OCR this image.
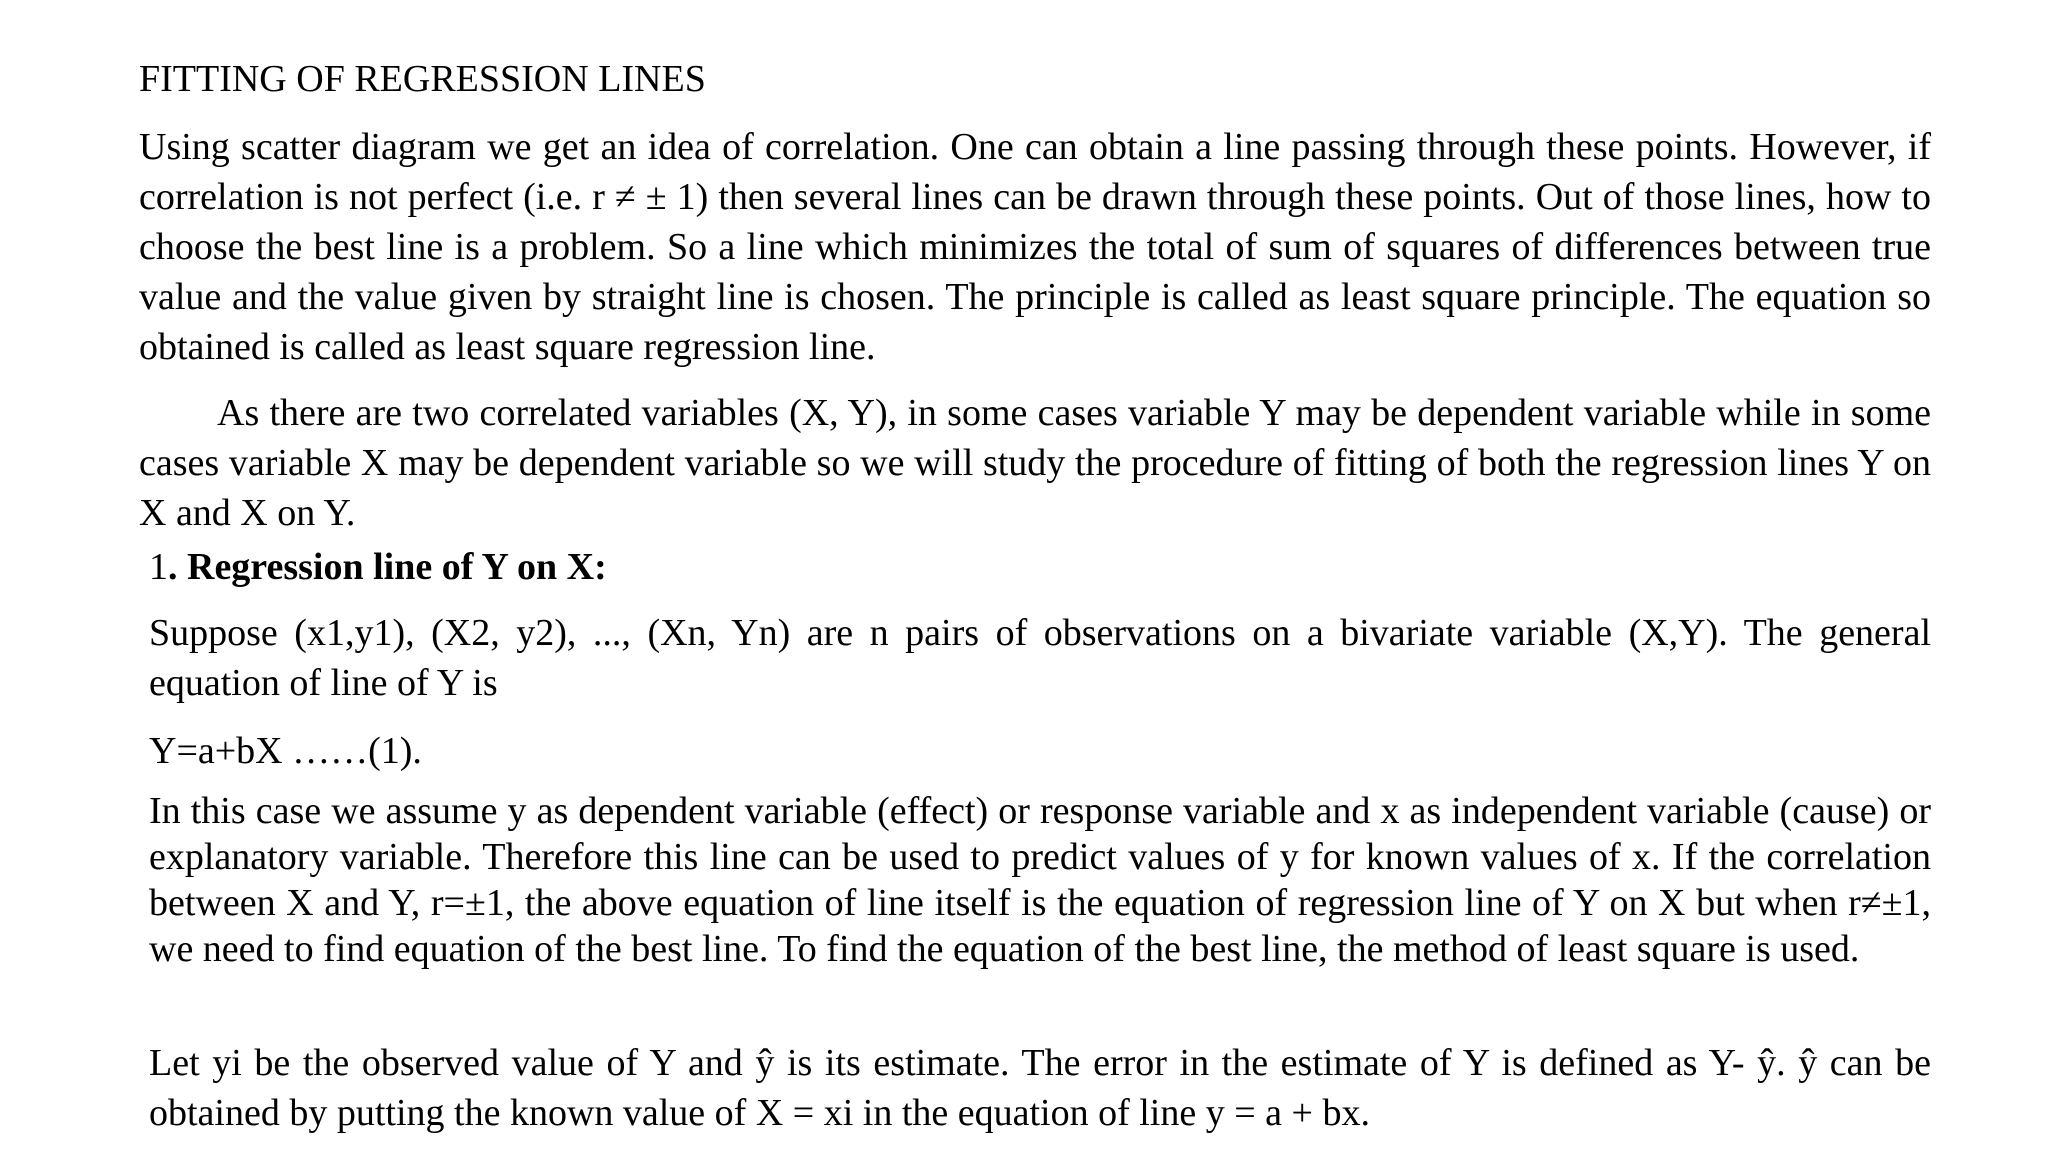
FITTING OF REGRESSION LINES

Using scatter diagram we get an idea of correlation. One can obtain a line passing through these points. However, if correlation is not perfect (i.e. r ≠ ± 1) then several lines can be drawn through these points. Out of those lines, how to choose the best line is a problem. So a line which minimizes the total of sum of squares of differences between true value and the value given by straight line is chosen. The principle is called as least square principle. The equation so obtained is called as least square regression line.

As there are two correlated variables (X, Y), in some cases variable Y may be dependent variable while in some cases variable X may be dependent variable so we will study the procedure of fitting of both the regression lines Y on X and X on Y.

1. Regression line of Y on X:

Suppose (x1,y1), (X2, y2), ..., (Xn, Yn) are n pairs of observations on a bivariate variable (X,Y). The general equation of line of Y is

Y=a+bX ……(1).

In this case we assume y as dependent variable (effect) or response variable and x as independent variable (cause) or explanatory variable. Therefore this line can be used to predict values of y for known values of x. If the correlation between X and Y, r=±1, the above equation of line itself is the equation of regression line of Y on X but when r≠±1, we need to find equation of the best line. To find the equation of the best line, the method of least square is used.

Let yi be the observed value of Y and ŷ is its estimate. The error in the estimate of Y is defined as Y- ŷ. ŷ can be obtained by putting the known value of X = xi in the equation of line y = a + bx.
